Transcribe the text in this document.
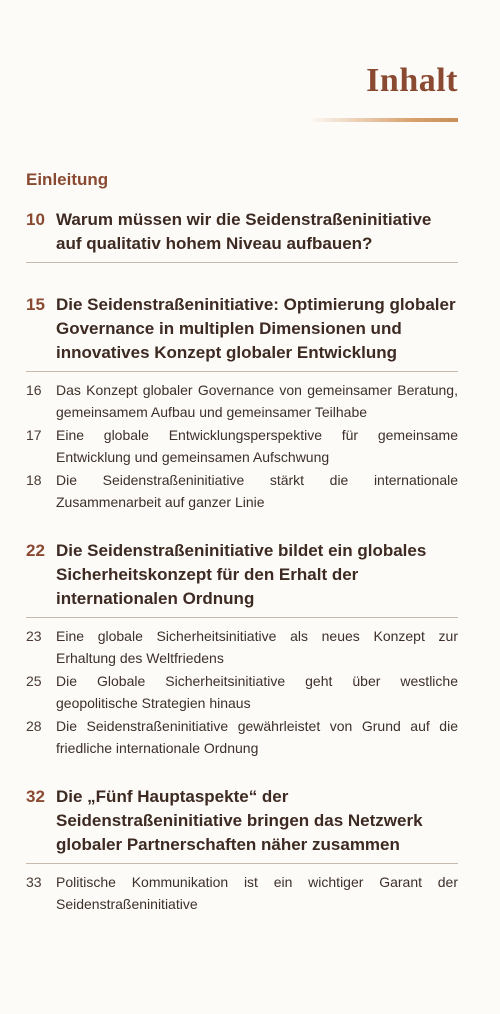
Inhalt
Einleitung
10 Warum müssen wir die Seidenstraßeninitiative auf qualitativ hohem Niveau aufbauen?
15 Die Seidenstraßeninitiative: Optimierung globaler Governance in multiplen Dimensionen und innovatives Konzept globaler Entwicklung
16	Das Konzept globaler Governance von gemeinsamer Beratung, gemeinsamem Aufbau und gemeinsamer Teilhabe
17	Eine globale Entwicklungsperspektive für gemeinsame Entwicklung und gemeinsamen Aufschwung
18	Die Seidenstraßeninitiative stärkt die internationale Zusammenarbeit auf ganzer Linie
22 Die Seidenstraßeninitiative bildet ein globales Sicherheitskonzept für den Erhalt der internationalen Ordnung
23	Eine globale Sicherheitsinitiative als neues Konzept zur Erhaltung des Weltfriedens
25	Die Globale Sicherheitsinitiative geht über westliche geopolitische Strategien hinaus
28	Die Seidenstraßeninitiative gewährleistet von Grund auf die friedliche internationale Ordnung
32 Die „Fünf Hauptaspekte“ der Seidenstraßeninitiative bringen das Netzwerk globaler Partnerschaften näher zusammen
33	Politische Kommunikation ist ein wichtiger Garant der Seidenstraßeninitiative
